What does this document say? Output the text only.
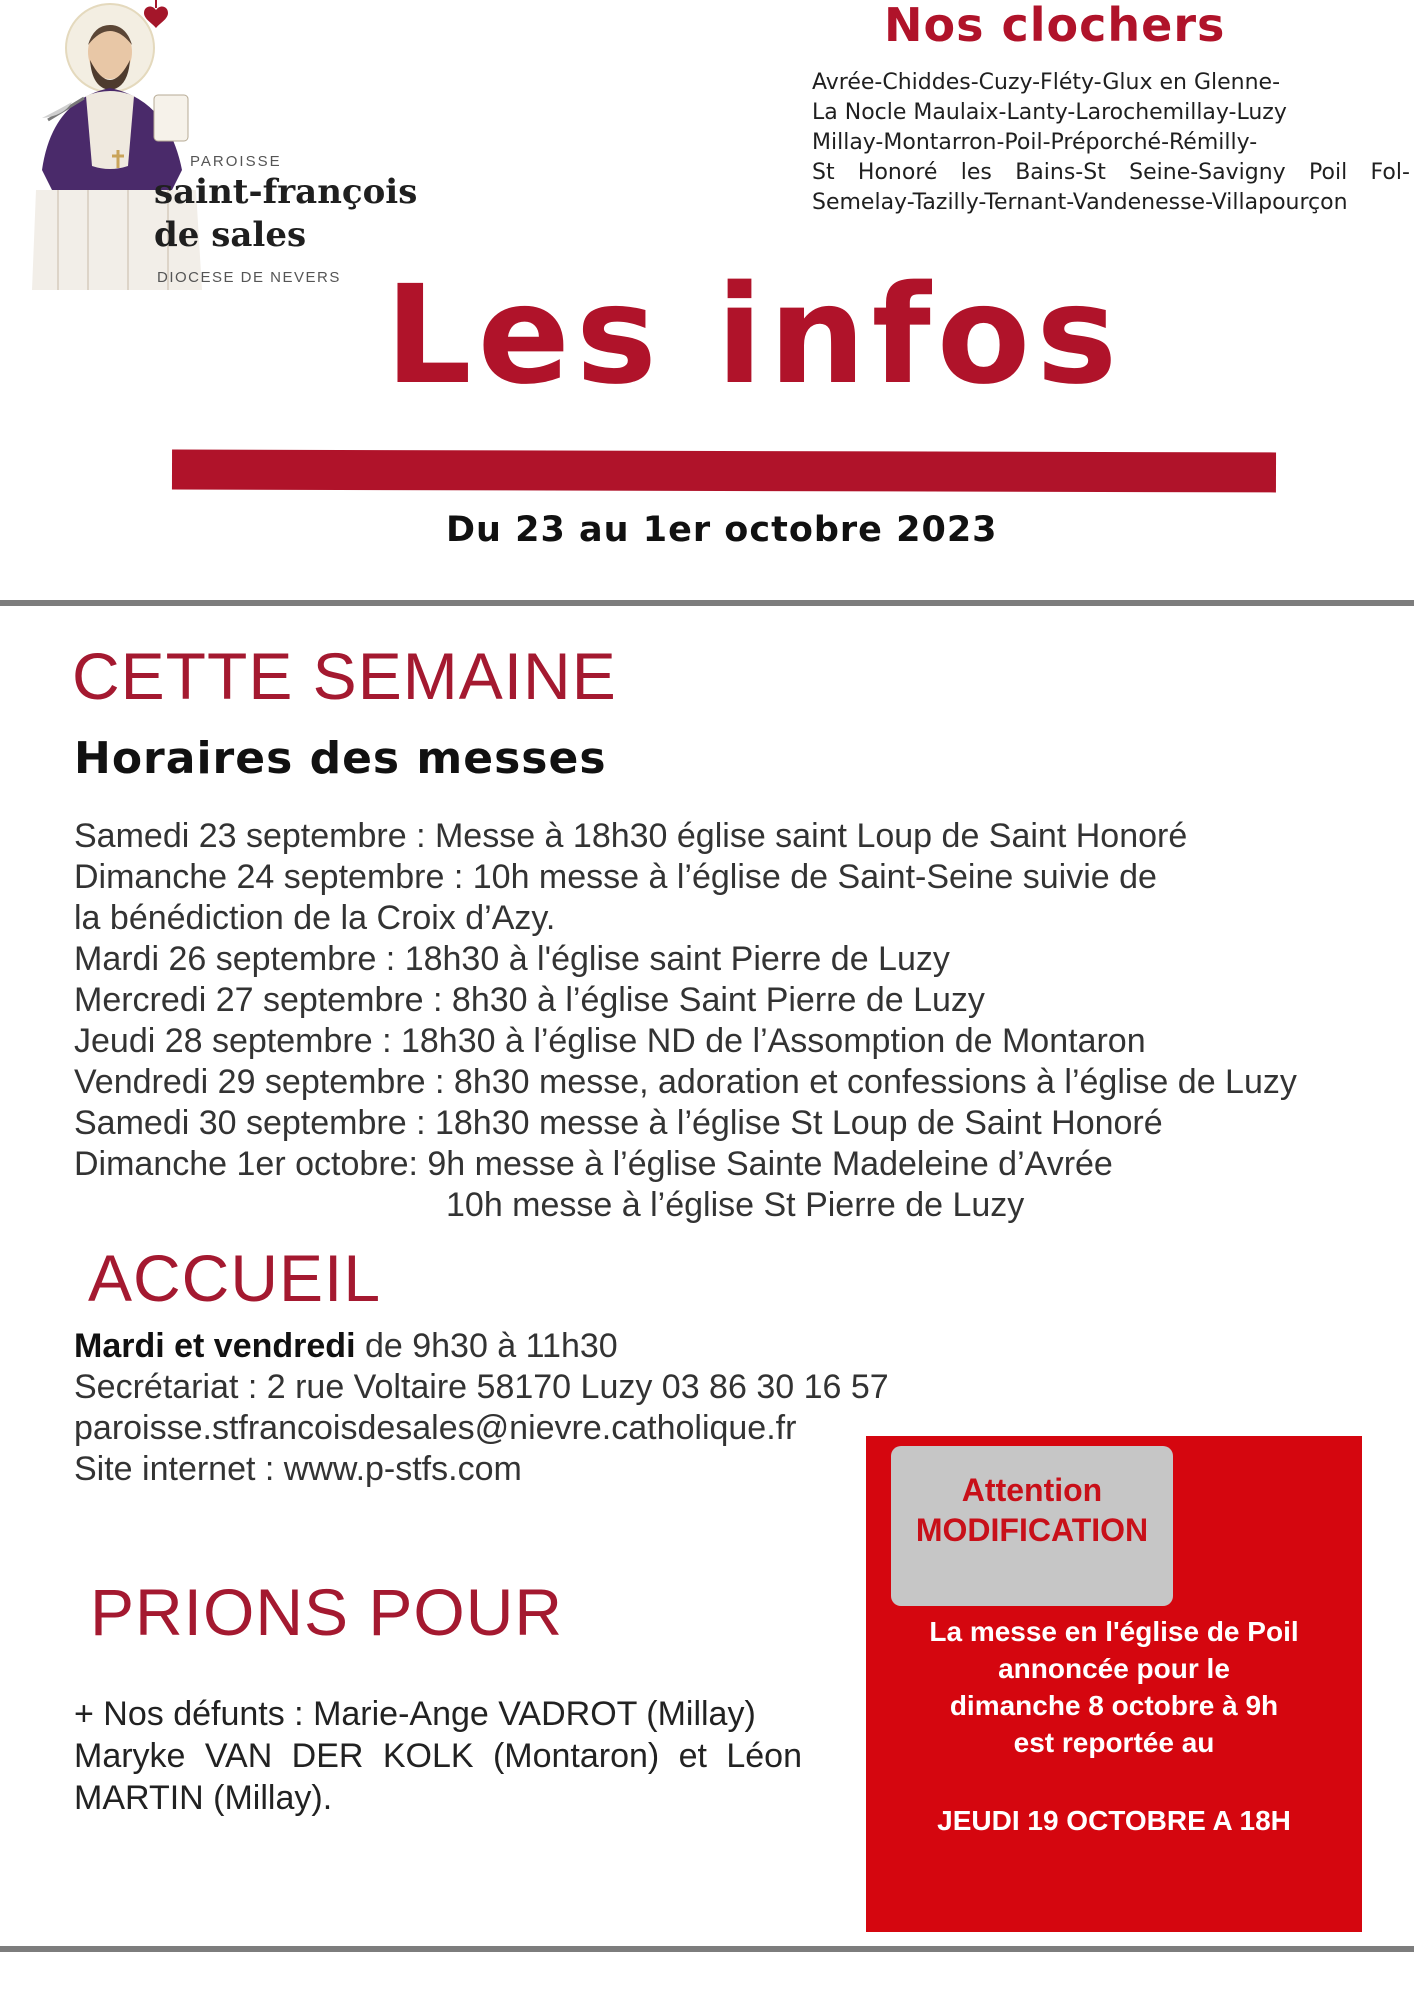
PAROISSE
saint-françois
de sales
DIOCESE DE NEVERS
Nos clochers
Avrée-Chiddes-Cuzy-Fléty-Glux en Glenne-
La Nocle Maulaix-Lanty-Larochemillay-Luzy
Millay-Montarron-Poil-Préporché-Rémilly-
St Honoré les Bains-St Seine-Savigny Poil Fol-
Semelay-Tazilly-Ternant-Vandenesse-Villapourçon
Les infos
Du 23 au 1er octobre 2023
CETTE SEMAINE
Horaires des messes
Samedi 23 septembre : Messe à 18h30 église saint Loup de Saint Honoré
Dimanche 24 septembre : 10h messe à l’église de Saint-Seine suivie de
la bénédiction de la Croix d’Azy.
Mardi 26 septembre : 18h30 à l'église saint Pierre de Luzy
Mercredi 27 septembre : 8h30 à l’église Saint Pierre de Luzy
Jeudi 28 septembre : 18h30 à l’église ND de l’Assomption de Montaron
Vendredi 29 septembre : 8h30 messe, adoration et confessions à l’église de Luzy
Samedi 30 septembre : 18h30 messe à l’église St Loup de Saint Honoré
Dimanche 1er octobre: 9h messe à l’église Sainte Madeleine d’Avrée
10h messe à l’église St Pierre de Luzy
ACCUEIL
Mardi et vendredi de 9h30 à 11h30
Secrétariat : 2 rue Voltaire 58170 Luzy 03 86 30 16 57
paroisse.stfrancoisdesales@nievre.catholique.fr
Site internet : www.p-stfs.com
PRIONS POUR
+ Nos défunts : Marie-Ange VADROT (Millay)
Maryke VAN DER KOLK (Montaron) et Léon
MARTIN (Millay).
Attention
MODIFICATION
La messe en l'église de Poil
annoncée pour le
dimanche 8 octobre à 9h
est reportée au
JEUDI 19 OCTOBRE A 18H
